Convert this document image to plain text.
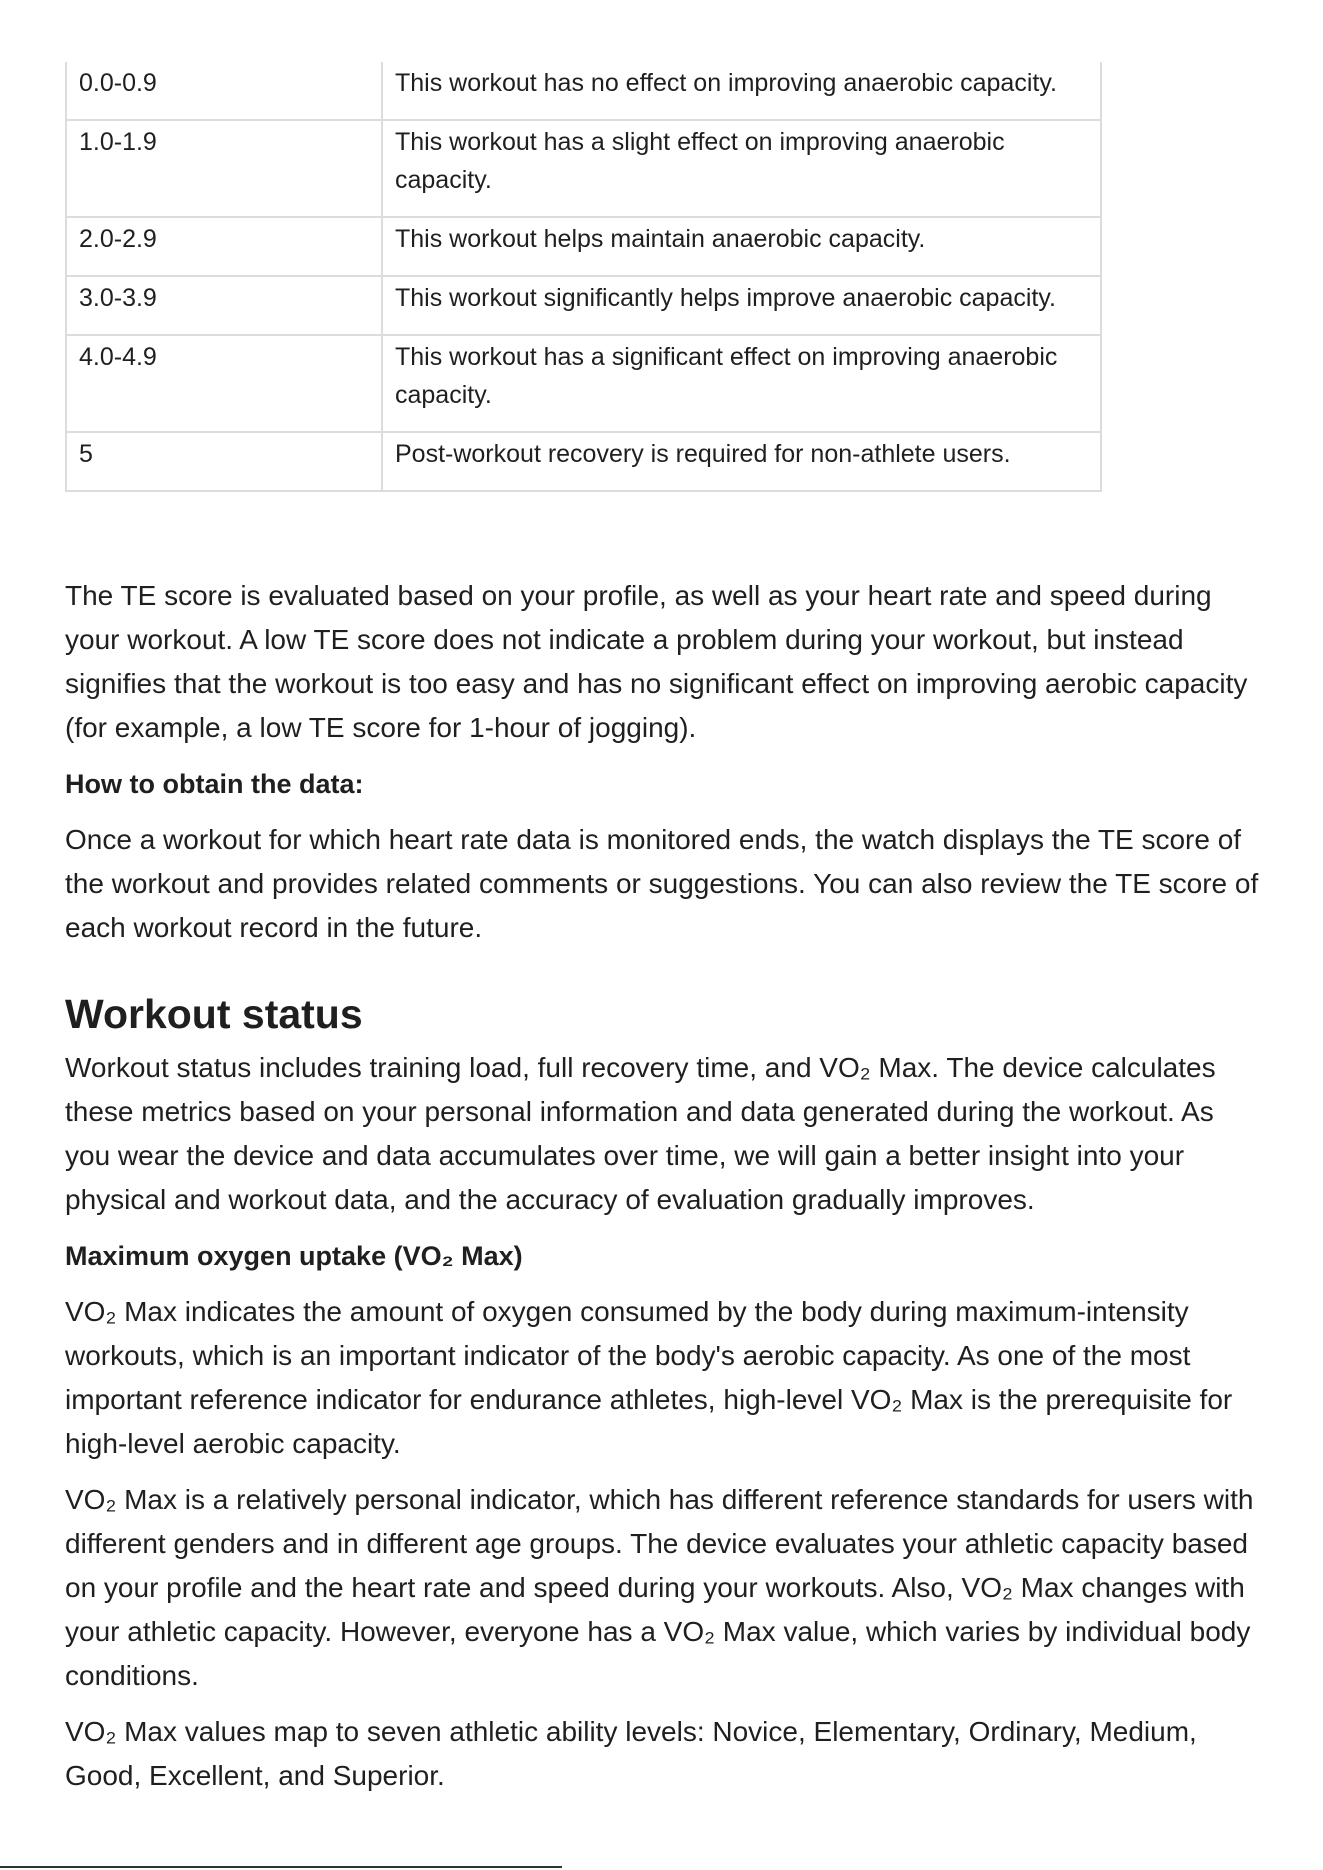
0.0-0.9	This workout has no effect on improving anaerobic capacity.
1.0-1.9	This workout has a slight effect on improving anaerobic capacity.
2.0-2.9	This workout helps maintain anaerobic capacity.
3.0-3.9	This workout significantly helps improve anaerobic capacity.
4.0-4.9	This workout has a significant effect on improving anaerobic capacity.
5	Post-workout recovery is required for non-athlete users.

The TE score is evaluated based on your profile, as well as your heart rate and speed during your workout. A low TE score does not indicate a problem during your workout, but instead signifies that the workout is too easy and has no significant effect on improving aerobic capacity (for example, a low TE score for 1-hour of jogging).

How to obtain the data:

Once a workout for which heart rate data is monitored ends, the watch displays the TE score of the workout and provides related comments or suggestions. You can also review the TE score of each workout record in the future.

Workout status

Workout status includes training load, full recovery time, and VO₂ Max. The device calculates these metrics based on your personal information and data generated during the workout. As you wear the device and data accumulates over time, we will gain a better insight into your physical and workout data, and the accuracy of evaluation gradually improves.

Maximum oxygen uptake (VO₂ Max)

VO₂ Max indicates the amount of oxygen consumed by the body during maximum-intensity workouts, which is an important indicator of the body's aerobic capacity. As one of the most important reference indicator for endurance athletes, high-level VO₂ Max is the prerequisite for high-level aerobic capacity.

VO₂ Max is a relatively personal indicator, which has different reference standards for users with different genders and in different age groups. The device evaluates your athletic capacity based on your profile and the heart rate and speed during your workouts. Also, VO₂ Max changes with your athletic capacity. However, everyone has a VO₂ Max value, which varies by individual body conditions.

VO₂ Max values map to seven athletic ability levels: Novice, Elementary, Ordinary, Medium, Good, Excellent, and Superior.
